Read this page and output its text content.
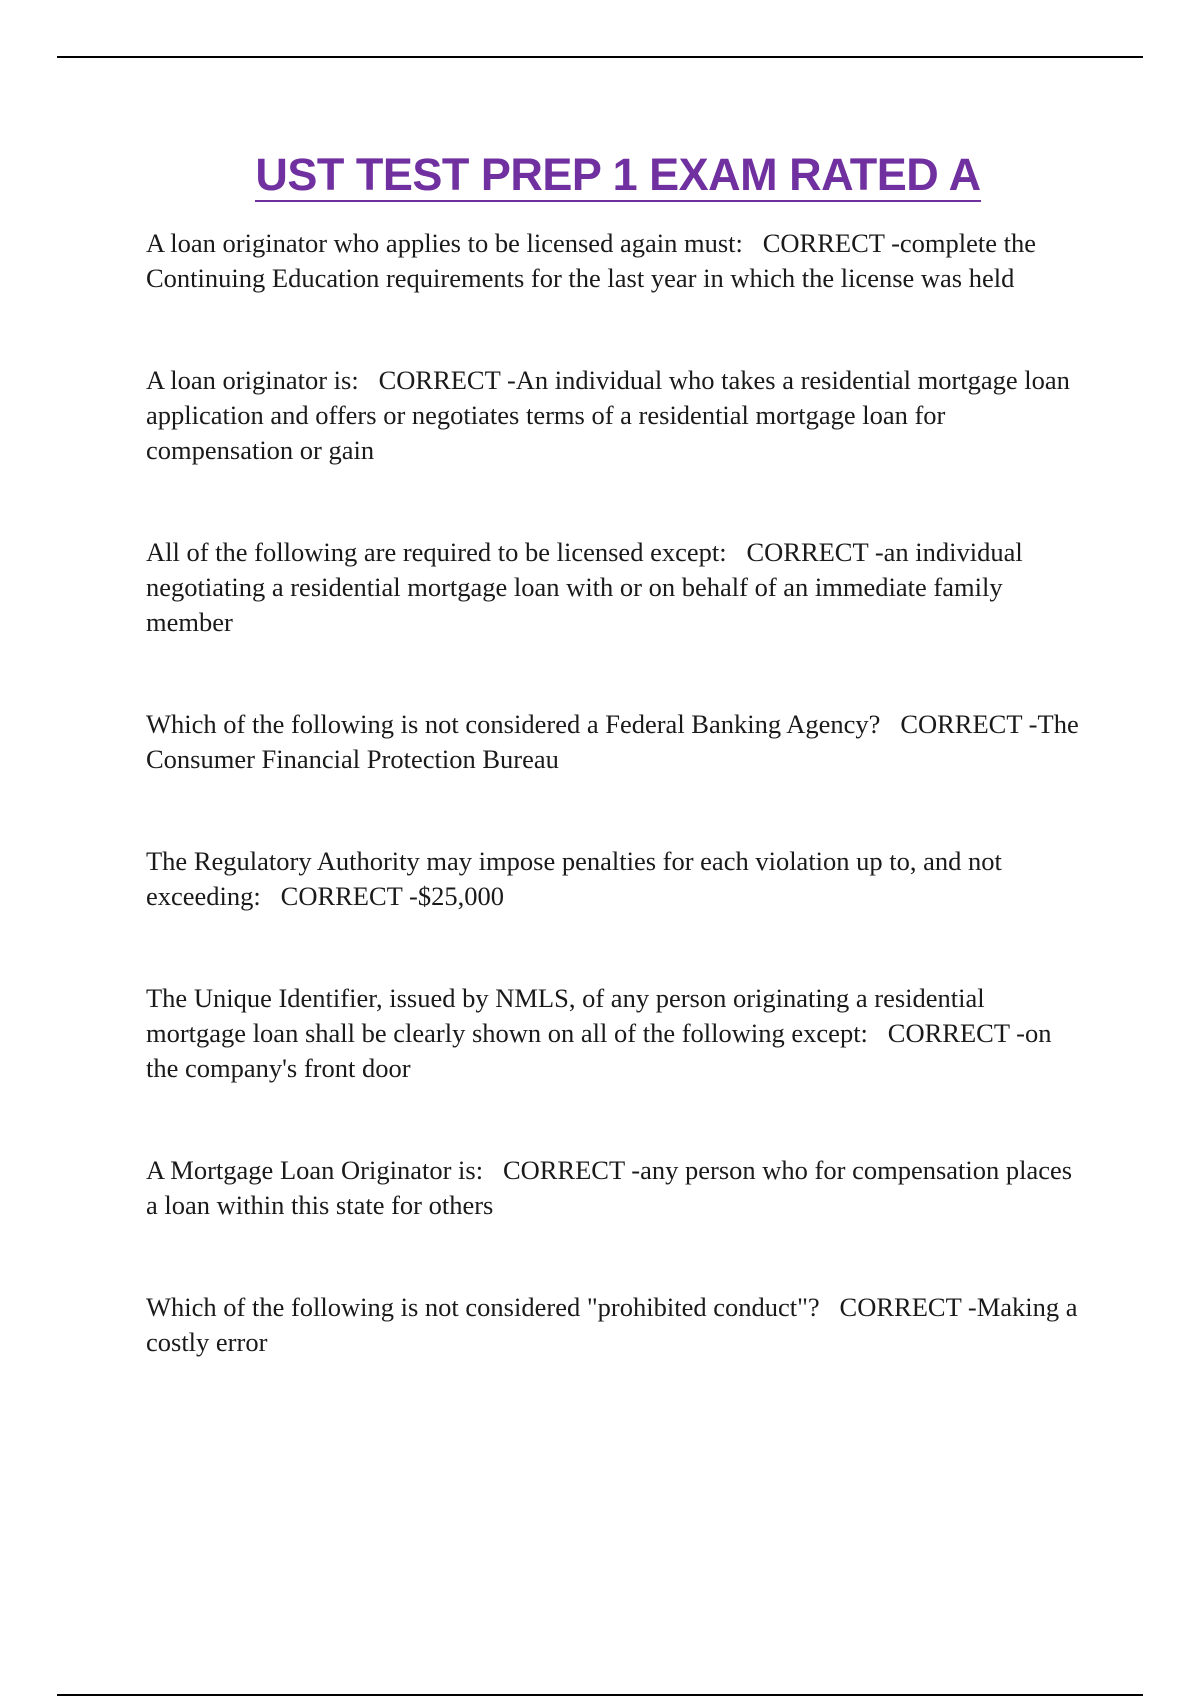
UST TEST PREP 1 EXAM RATED A

A loan originator who applies to be licensed again must:   CORRECT -complete the Continuing Education requirements for the last year in which the license was held

A loan originator is:   CORRECT -An individual who takes a residential mortgage loan application and offers or negotiates terms of a residential mortgage loan for compensation or gain

All of the following are required to be licensed except:   CORRECT -an individual negotiating a residential mortgage loan with or on behalf of an immediate family member

Which of the following is not considered a Federal Banking Agency?   CORRECT -The Consumer Financial Protection Bureau

The Regulatory Authority may impose penalties for each violation up to, and not exceeding:   CORRECT -$25,000

The Unique Identifier, issued by NMLS, of any person originating a residential mortgage loan shall be clearly shown on all of the following except:   CORRECT -on the company's front door

A Mortgage Loan Originator is:   CORRECT -any person who for compensation places a loan within this state for others

Which of the following is not considered "prohibited conduct"?   CORRECT -Making a costly error
